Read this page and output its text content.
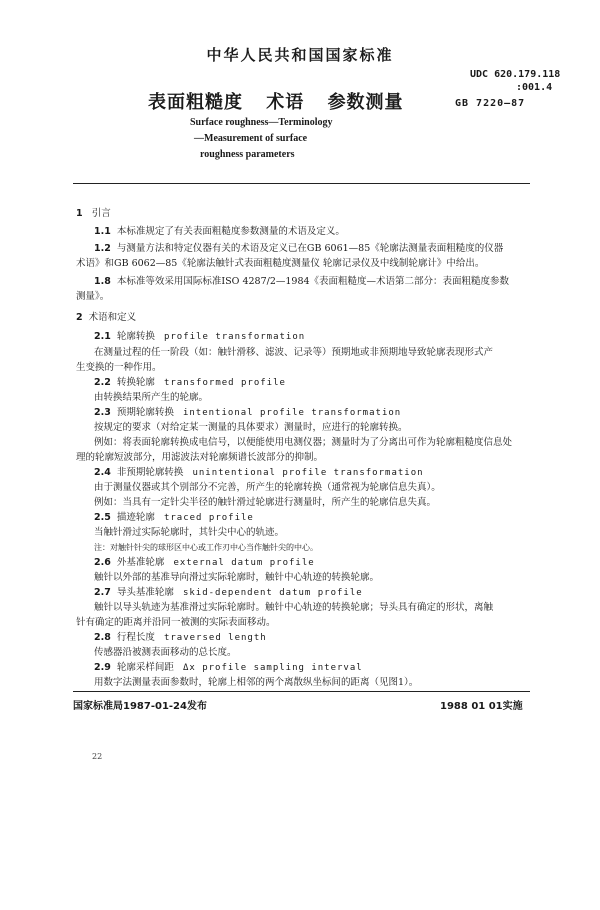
中华人民共和国国家标准
表面粗糙度 术语 参数测量
UDC 620.179.118
:001.4
GB 7220—87
Surface roughness—Terminology
—Measurement of surface
roughness parameters
1 引言
1.1 本标准规定了有关表面粗糙度参数测量的术语及定义。
1.2 与测量方法和特定仪器有关的术语及定义已在GB 6061—85《轮廓法测量表面粗糙度的仪器
术语》和GB 6062—85《轮廓法触针式表面粗糙度测量仪 轮廓记录仪及中线制轮廓计》中给出。
1.8 本标准等效采用国际标准ISO 4287/2—1984《表面粗糙度—术语第二部分：表面粗糙度参数
测量》。
2 术语和定义
2.1 轮廓转换 profile transformation
在测量过程的任一阶段（如：触针滑移、滤波、记录等）预期地或非预期地导致轮廓表现形式产
生变换的一种作用。
2.2 转换轮廓 transformed profile
由转换结果所产生的轮廓。
2.3 预期轮廓转换 intentional profile transformation
按规定的要求（对给定某一测量的具体要求）测量时，应进行的轮廓转换。
例如：将表面轮廓转换成电信号，以便能使用电测仪器；测量时为了分离出可作为轮廓粗糙度信息处
理的轮廓短波部分，用滤波法对轮廓频谱长波部分的抑制。
2.4 非预期轮廓转换 unintentional profile transformation
由于测量仪器或其个别部分不完善，所产生的轮廓转换（通常视为轮廓信息失真）。
例如：当具有一定针尖半径的触针滑过轮廓进行测量时，所产生的轮廓信息失真。
2.5 描迹轮廓 traced profile
当触针滑过实际轮廓时，其针尖中心的轨迹。
注：对触针针尖的球形区中心或工作刃中心当作触针尖的中心。
2.6 外基准轮廓 external datum profile
触针以外部的基准导向滑过实际轮廓时，触针中心轨迹的转换轮廓。
2.7 导头基准轮廓 skid-dependent datum profile
触针以导头轨迹为基准滑过实际轮廓时。触针中心轨迹的转换轮廓；导头具有确定的形状，离触
针有确定的距离并沿同一被测的实际表面移动。
2.8 行程长度 traversed length
传感器沿被测表面移动的总长度。
2.9 轮廓采样间距 Δx profile sampling interval
国家标准局1987-01-24发布	1988 01 01实施
22
用数字法测量表面参数时，轮廓上相邻的两个离散纵坐标间的距离（见图1）。
